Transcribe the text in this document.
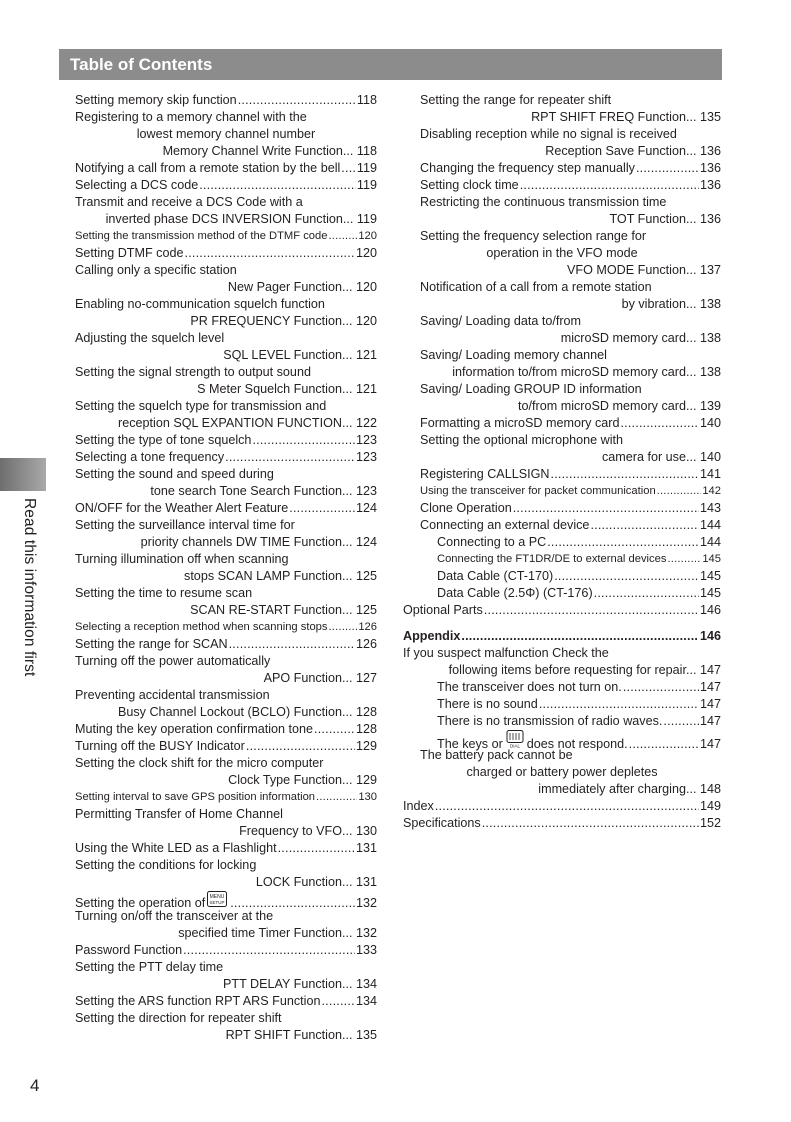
Table of Contents
Read this information first
Setting memory skip function .....	118
Registering to a memory channel with the
lowest memory channel number
Memory Channel Write Function... 118
Notifying a call from a remote station by the bell ..... 119
Selecting a DCS code .....	119
Transmit and receive a DCS Code with a
inverted phase DCS INVERSION Function... 119
Setting the transmission method of the DTMF code .....	120
Setting DTMF code .....	120
Calling only a specific station
New Pager Function... 120
Enabling no-communication squelch function
PR FREQUENCY Function... 120
Adjusting the squelch level
SQL LEVEL Function... 121
Setting the signal strength to output sound
S Meter Squelch Function... 121
Setting the squelch type for transmission and
reception SQL EXPANTION FUNCTION... 122
Setting the type of tone squelch .....	123
Selecting a tone frequency .....	123
Setting the sound and speed during
tone search Tone Search Function... 123
ON/OFF for the Weather Alert Feature .....	124
Setting the surveillance interval time for
priority channels DW TIME Function... 124
Turning illumination off when scanning
stops SCAN LAMP Function... 125
Setting the time to resume scan
SCAN RE-START Function... 125
Selecting a reception method when scanning stops .....	126
Setting the range for SCAN .....	126
Turning off the power automatically
APO Function... 127
Preventing accidental transmission
Busy Channel Lockout (BCLO) Function... 128
Muting the key operation confirmation tone .....	128
Turning off the BUSY Indicator .....	129
Setting the clock shift for the micro computer
Clock Type Function... 129
Setting interval to save GPS position information .....	130
Permitting Transfer of Home Channel
Frequency to VFO... 130
Using the White LED as a Flashlight .....	131
Setting the conditions for locking
LOCK Function... 131
Setting the operation of MENU
SETUP .....	132
Turning on/off the transceiver at the
specified time Timer Function... 132
Password Function .....	133
Setting the PTT delay time
PTT DELAY Function... 134
Setting the ARS function RPT ARS Function .....	134
Setting the direction for repeater shift
RPT SHIFT Function... 135
Setting the range for repeater shift
RPT SHIFT FREQ Function... 135
Disabling reception while no signal is received
Reception Save Function... 136
Changing the frequency step manually .....	136
Setting clock time .....	136
Restricting the continuous transmission time
TOT Function... 136
Setting the frequency selection range for
operation in the VFO mode
VFO MODE Function... 137
Notification of a call from a remote station
by vibration... 138
Saving/ Loading data to/from
microSD memory card... 138
Saving/ Loading memory channel
information to/from microSD memory card... 138
Saving/ Loading GROUP ID information
to/from microSD memory card... 139
Formatting a microSD memory card .....	140
Setting the optional microphone with
camera for use... 140
Registering CALLSIGN .....	141
Using the transceiver for packet communication .....	142
Clone Operation .....	143
Connecting an external device .....	144
Connecting to a PC .....	144
Connecting the FT1DR/DE to external devices .....	145
Data Cable (CT-170) .....	145
Data Cable (2.5Φ) (CT-176) .....	145
Optional Parts .....	146
Appendix .....	146
If you suspect malfunction Check the
following items before requesting for repair... 147
The transceiver does not turn on. .....	147
There is no sound .....	147
There is no transmission of radio waves. .....	147
The keys or DIAL does not respond. .....	147
The battery pack cannot be
charged or battery power depletes
immediately after charging... 148
Index .....	149
Specifications .....	152
4
